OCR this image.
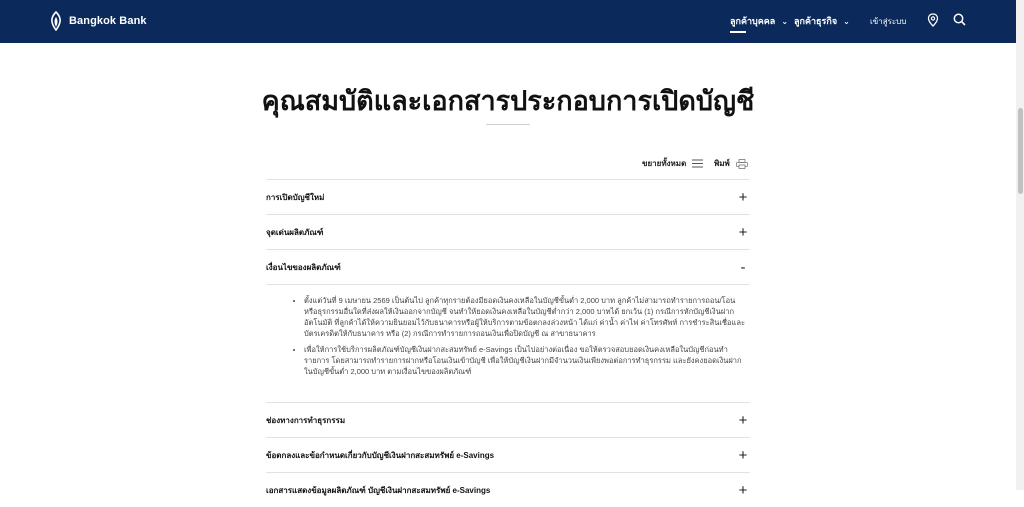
Bangkok Bank	ลูกค้าบุคคล ⌄ ลูกค้าธุรกิจ ⌄	เข้าสู่ระบบ
คุณสมบัติและเอกสารประกอบการเปิดบัญชี
ขยายทั้งหมด	พิมพ์
การเปิดบัญชีใหม่	+
จุดเด่นผลิตภัณฑ์	+
เงื่อนไขของผลิตภัณฑ์	-
• ตั้งแต่วันที่ 9 เมษายน 2569 เป็นต้นไป ลูกค้าทุกรายต้องมียอดเงินคงเหลือในบัญชีขั้นต่ำ 2,000 บาท ลูกค้าไม่สามารถทำรายการถอน/โอน หรือธุรกรรมอื่นใดที่ส่งผลให้เงินออกจากบัญชี จนทำให้ยอดเงินคงเหลือในบัญชีต่ำกว่า 2,000 บาทได้ ยกเว้น (1) กรณีการหักบัญชีเงินฝากอัตโนมัติ ที่ลูกค้าได้ให้ความยินยอมไว้กับธนาคารหรือผู้ให้บริการตามข้อตกลงล่วงหน้า ได้แก่ ค่าน้ำ ค่าไฟ ค่าโทรศัพท์ การชำระสินเชื่อและบัตรเครดิตให้กับธนาคาร หรือ (2) กรณีการทำรายการถอนเงินเพื่อปิดบัญชี ณ สาขาธนาคาร
• เพื่อให้การใช้บริการผลิตภัณฑ์บัญชีเงินฝากสะสมทรัพย์ e-Savings เป็นไปอย่างต่อเนื่อง ขอให้ตรวจสอบยอดเงินคงเหลือในบัญชีก่อนทำรายการ โดยสามารถทำรายการฝากหรือโอนเงินเข้าบัญชี เพื่อให้บัญชีเงินฝากมีจำนวนเงินเพียงพอต่อการทำธุรกรรม และยังคงยอดเงินฝากในบัญชีขั้นต่ำ 2,000 บาท ตามเงื่อนไขของผลิตภัณฑ์
ช่องทางการทำธุรกรรม	+
ข้อตกลงและข้อกำหนดเกี่ยวกับบัญชีเงินฝากสะสมทรัพย์ e-Savings	+
เอกสารแสดงข้อมูลผลิตภัณฑ์ บัญชีเงินฝากสะสมทรัพย์ e-Savings	+
